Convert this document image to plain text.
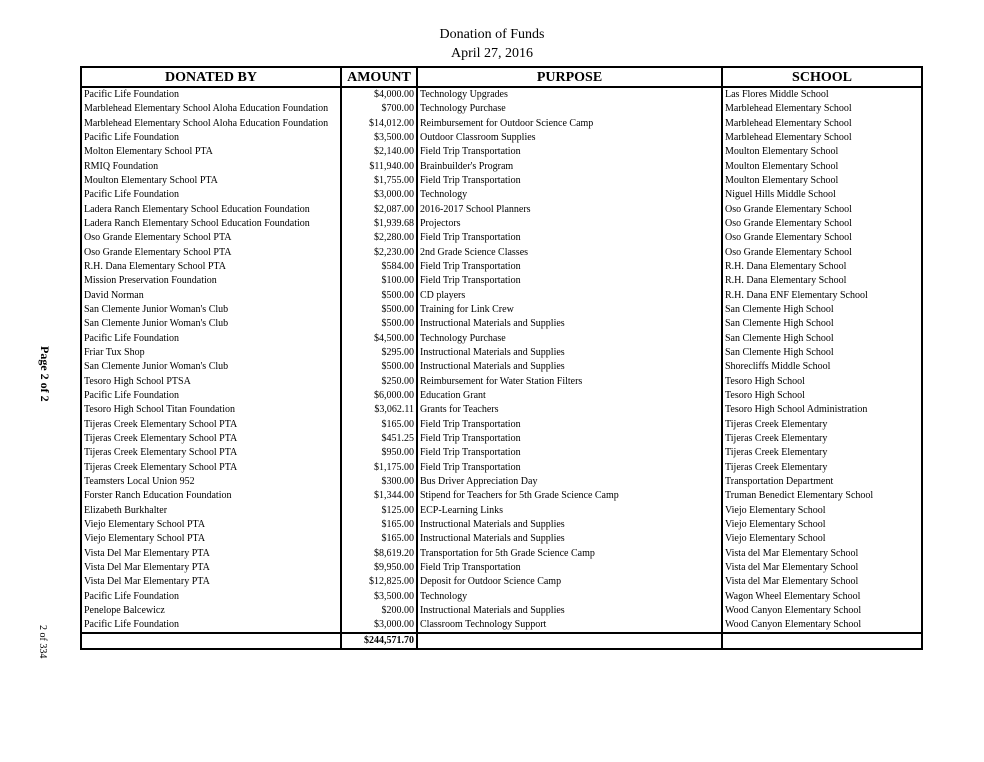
Donation of Funds
April 27, 2016
Page 2 of 2
2 of 334
DONATED BY	AMOUNT	PURPOSE	SCHOOL
Pacific Life Foundation	$4,000.00	Technology Upgrades	Las Flores Middle School
Marblehead Elementary School Aloha Education Foundation	$700.00	Technology Purchase	Marblehead Elementary School
Marblehead Elementary School Aloha Education Foundation	$14,012.00	Reimbursement for Outdoor Science Camp	Marblehead Elementary School
Pacific Life Foundation	$3,500.00	Outdoor Classroom Supplies	Marblehead Elementary School
Molton Elementary School PTA	$2,140.00	Field Trip Transportation	Moulton Elementary School
RMIQ Foundation	$11,940.00	Brainbuilder's Program	Moulton Elementary School
Moulton Elementary School PTA	$1,755.00	Field Trip Transportation	Moulton Elementary School
Pacific Life Foundation	$3,000.00	Technology	Niguel Hills Middle School
Ladera Ranch Elementary School Education Foundation	$2,087.00	2016-2017 School Planners	Oso Grande Elementary School
Ladera Ranch Elementary School Education Foundation	$1,939.68	Projectors	Oso Grande Elementary School
Oso Grande Elementary School PTA	$2,280.00	Field Trip Transportation	Oso Grande Elementary School
Oso Grande Elementary School PTA	$2,230.00	2nd Grade Science Classes	Oso Grande Elementary School
R.H. Dana Elementary School PTA	$584.00	Field Trip Transportation	R.H. Dana Elementary School
Mission Preservation Foundation	$100.00	Field Trip Transportation	R.H. Dana Elementary School
David Norman	$500.00	CD players	R.H. Dana ENF Elementary School
San Clemente Junior Woman's Club	$500.00	Training for Link Crew	San Clemente High School
San Clemente Junior Woman's Club	$500.00	Instructional Materials and Supplies	San Clemente High School
Pacific Life Foundation	$4,500.00	Technology Purchase	San Clemente High School
Friar Tux Shop	$295.00	Instructional Materials and Supplies	San Clemente High School
San Clemente Junior Woman's Club	$500.00	Instructional Materials and Supplies	Shorecliffs Middle School
Tesoro High School PTSA	$250.00	Reimbursement for Water Station Filters	Tesoro High School
Pacific Life Foundation	$6,000.00	Education Grant	Tesoro High School
Tesoro High School Titan Foundation	$3,062.11	Grants for Teachers	Tesoro High School Administration
Tijeras Creek Elementary School PTA	$165.00	Field Trip Transportation	Tijeras Creek Elementary
Tijeras Creek Elementary School PTA	$451.25	Field Trip Transportation	Tijeras Creek Elementary
Tijeras Creek Elementary School PTA	$950.00	Field Trip Transportation	Tijeras Creek Elementary
Tijeras Creek Elementary School PTA	$1,175.00	Field Trip Transportation	Tijeras Creek Elementary
Teamsters Local Union 952	$300.00	Bus Driver Appreciation Day	Transportation Department
Forster Ranch Education Foundation	$1,344.00	Stipend for Teachers for 5th Grade Science Camp	Truman Benedict Elementary School
Elizabeth Burkhalter	$125.00	ECP-Learning Links	Viejo Elementary School
Viejo Elementary School PTA	$165.00	Instructional Materials and Supplies	Viejo Elementary School
Viejo Elementary School PTA	$165.00	Instructional Materials and Supplies	Viejo Elementary School
Vista Del Mar Elementary PTA	$8,619.20	Transportation for 5th Grade Science Camp	Vista del Mar Elementary School
Vista Del Mar Elementary PTA	$9,950.00	Field Trip Transportation	Vista del Mar Elementary School
Vista Del Mar Elementary PTA	$12,825.00	Deposit for Outdoor Science Camp	Vista del Mar Elementary School
Pacific Life Foundation	$3,500.00	Technology	Wagon Wheel Elementary School
Penelope Balcewicz	$200.00	Instructional Materials and Supplies	Wood Canyon Elementary School
Pacific Life Foundation	$3,000.00	Classroom Technology Support	Wood Canyon Elementary School
	$244,571.70		
